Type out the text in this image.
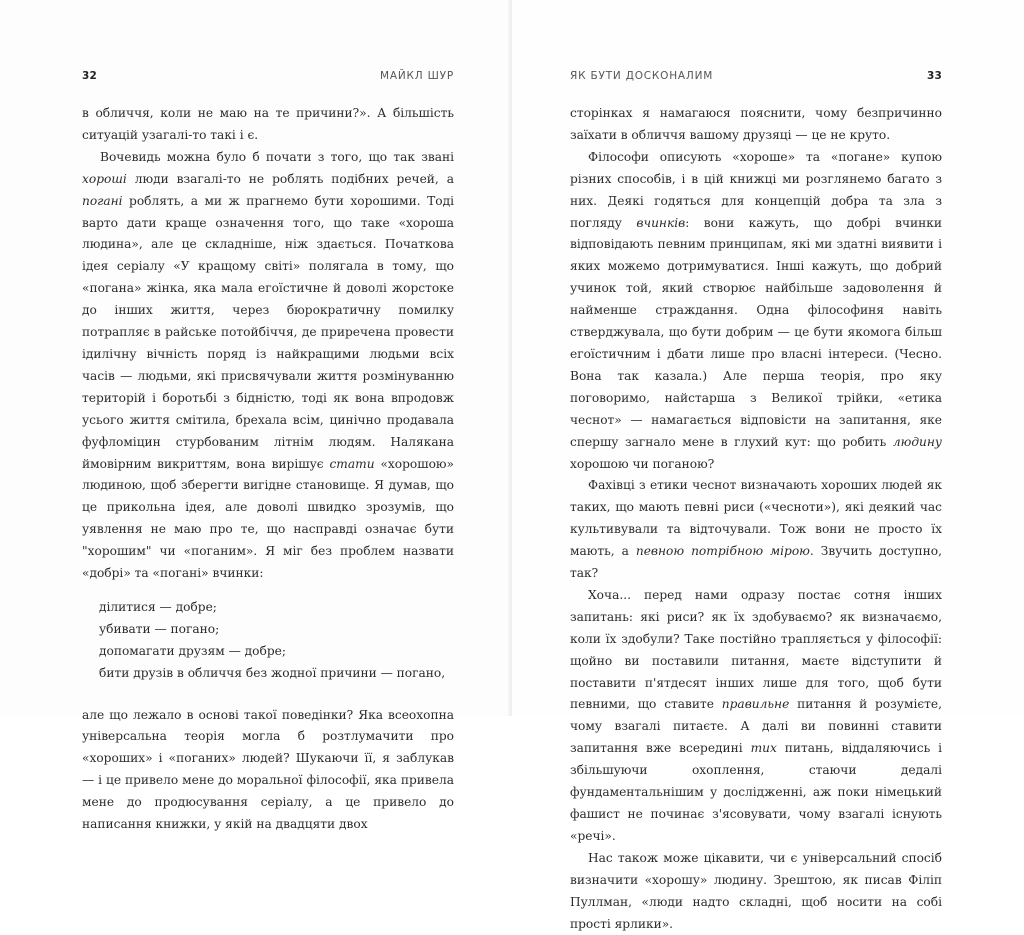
32	МАЙКЛ ШУР

в обличчя, коли не маю на те причини?». А більшість ситуацій узагалі-то такі і є.

Вочевидь можна було б почати з того, що так звані хороші люди взагалі-то не роблять подібних речей, а погані роблять, а ми ж прагнемо бути хорошими. Тоді варто дати краще означення того, що таке «хороша людина», але це складніше, ніж здається. Початкова ідея серіалу «У кращому світі» полягала в тому, що «погана» жінка, яка мала егоїстичне й доволі жорстоке до інших життя, через бюрократичну помилку потрапляє в райське потойбіччя, де приречена провести ідилічну вічність поряд із найкращими людьми всіх часів — людьми, які присвячували життя розмінуванню територій і боротьбі з бідністю, тоді як вона впродовж усього життя смітила, брехала всім, цинічно продавала фуфломіцин стурбованим літнім людям. Налякана ймовірним викриттям, вона вирішує стати «хорошою» людиною, щоб зберегти вигідне становище. Я думав, що це прикольна ідея, але доволі швидко зрозумів, що уявлення не маю про те, що насправді означає бути "хорошим" чи «поганим». Я міг без проблем назвати «добрі» та «погані» вчинки:

ділитися — добре;
убивати — погано;
допомагати друзям — добре;
бити друзів в обличчя без жодної причини — погано,

але що лежало в основі такої поведінки? Яка всеохопна універсальна теорія могла б розтлумачити про «хороших» і «поганих» людей? Шукаючи її, я заблукав — і це привело мене до моральної філософії, яка привела мене до продюсування серіалу, а це привело до написання книжки, у якій на двадцяти двох

ЯК БУТИ ДОСКОНАЛИМ	33

сторінках я намагаюся пояснити, чому безпричинно заїхати в обличчя вашому друзяці — це не круто.

Філософи описують «хороше» та «погане» купою різних способів, і в цій книжці ми розглянемо багато з них. Деякі годяться для концепцій добра та зла з погляду вчинків: вони кажуть, що добрі вчинки відповідають певним принципам, які ми здатні виявити і яких можемо дотримуватися. Інші кажуть, що добрий учинок той, який створює найбільше задоволення й найменше страждання. Одна філософиня навіть стверджувала, що бути добрим — це бути якомога більш егоїстичним і дбати лише про власні інтереси. (Чесно. Вона так казала.) Але перша теорія, про яку поговоримо, найстарша з Великої трійки, «етика чеснот» — намагається відповісти на запитання, яке спершу загнало мене в глухий кут: що робить людину хорошою чи поганою?

Фахівці з етики чеснот визначають хороших людей як таких, що мають певні риси («чесноти»), які деякий час культивували та відточували. Тож вони не просто їх мають, а певною потрібною мірою. Звучить доступно, так?

Хоча... перед нами одразу постає сотня інших запитань: які риси? як їх здобуваємо? як визначаємо, коли їх здобули? Таке постійно трапляється у філософії: щойно ви поставили питання, маєте відступити й поставити п'ятдесят інших лише для того, щоб бути певними, що ставите правильне питання й розумієте, чому взагалі питаєте. А далі ви повинні ставити запитання вже всередині тих питань, віддаляючись і збільшуючи охоплення, стаючи дедалі фундаментальнішим у дослідженні, аж поки німецький фашист не починає з'ясовувати, чому взагалі існують «речі».

Нас також може цікавити, чи є універсальний спосіб визначити «хорошу» людину. Зрештою, як писав Філіп Пуллман, «люди надто складні, щоб носити на собі прості ярлики».
